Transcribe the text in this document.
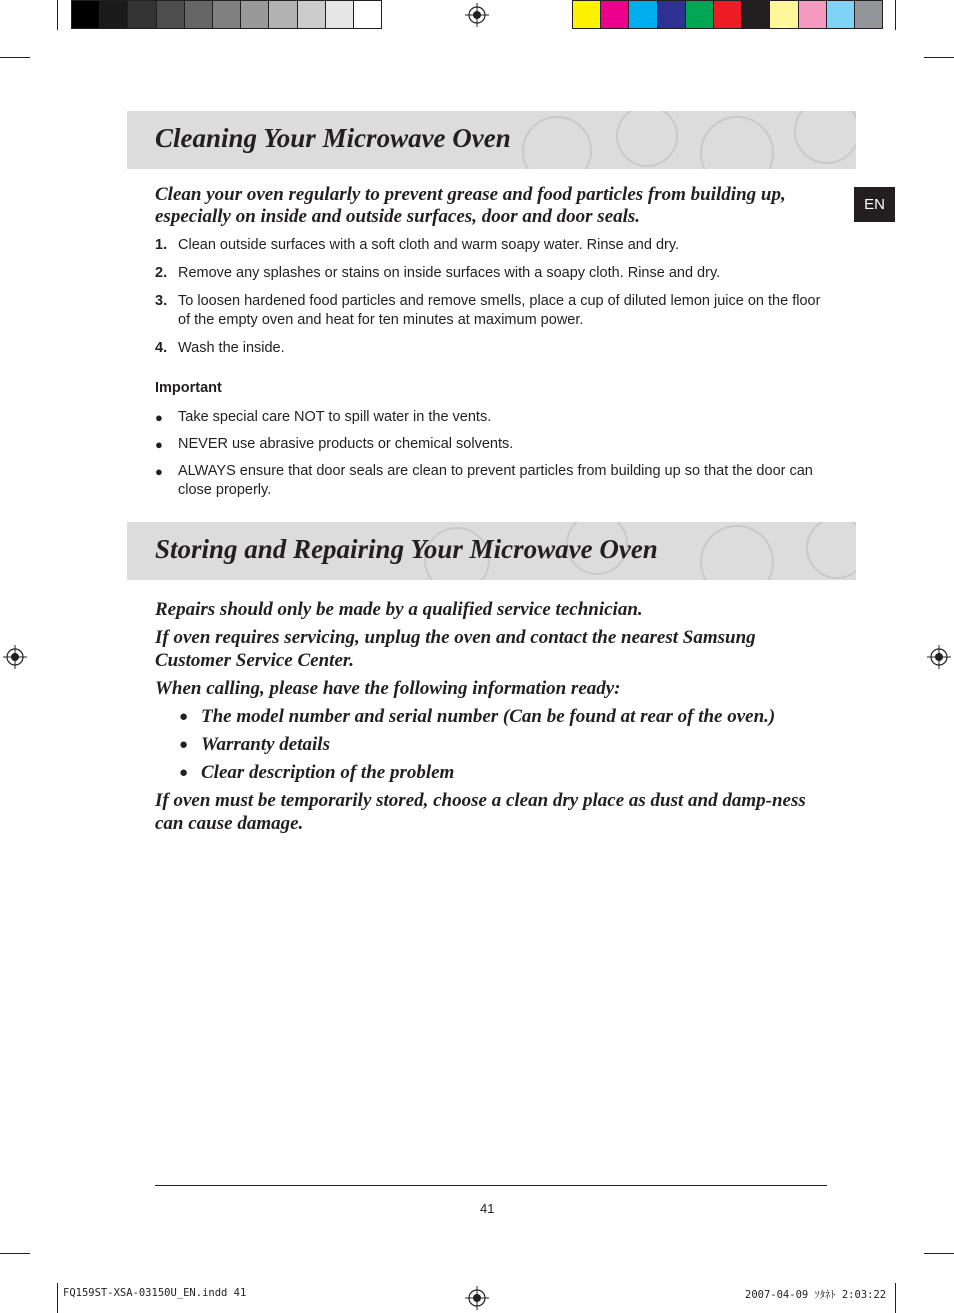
EN
Cleaning Your Microwave Oven

Clean your oven regularly to prevent grease and food particles from building up, especially on inside and outside surfaces, door and door seals.

1. Clean outside surfaces with a soft cloth and warm soapy water. Rinse and dry.
2. Remove any splashes or stains on inside surfaces with a soapy cloth. Rinse and dry.
3. To loosen hardened food particles and remove smells, place a cup of diluted lemon juice on the floor of the empty oven and heat for ten minutes at maximum power.
4. Wash the inside.

Important

● Take special care NOT to spill water in the vents.
● NEVER use abrasive products or chemical solvents.
● ALWAYS ensure that door seals are clean to prevent particles from building up so that the door can close properly.
Storing and Repairing Your Microwave Oven

Repairs should only be made by a qualified service technician.

If oven requires servicing, unplug the oven and contact the nearest Samsung Customer Service Center.

When calling, please have the following information ready:

● The model number and serial number (Can be found at rear of the oven.)
● Warranty details
● Clear description of the problem

If oven must be temporarily stored, choose a clean dry place as dust and damp-ness can cause damage.

41
FQ159ST-XSA-03150U_EN.indd 41	2007-04-09 ｿﾀﾈﾄ 2:03:22
